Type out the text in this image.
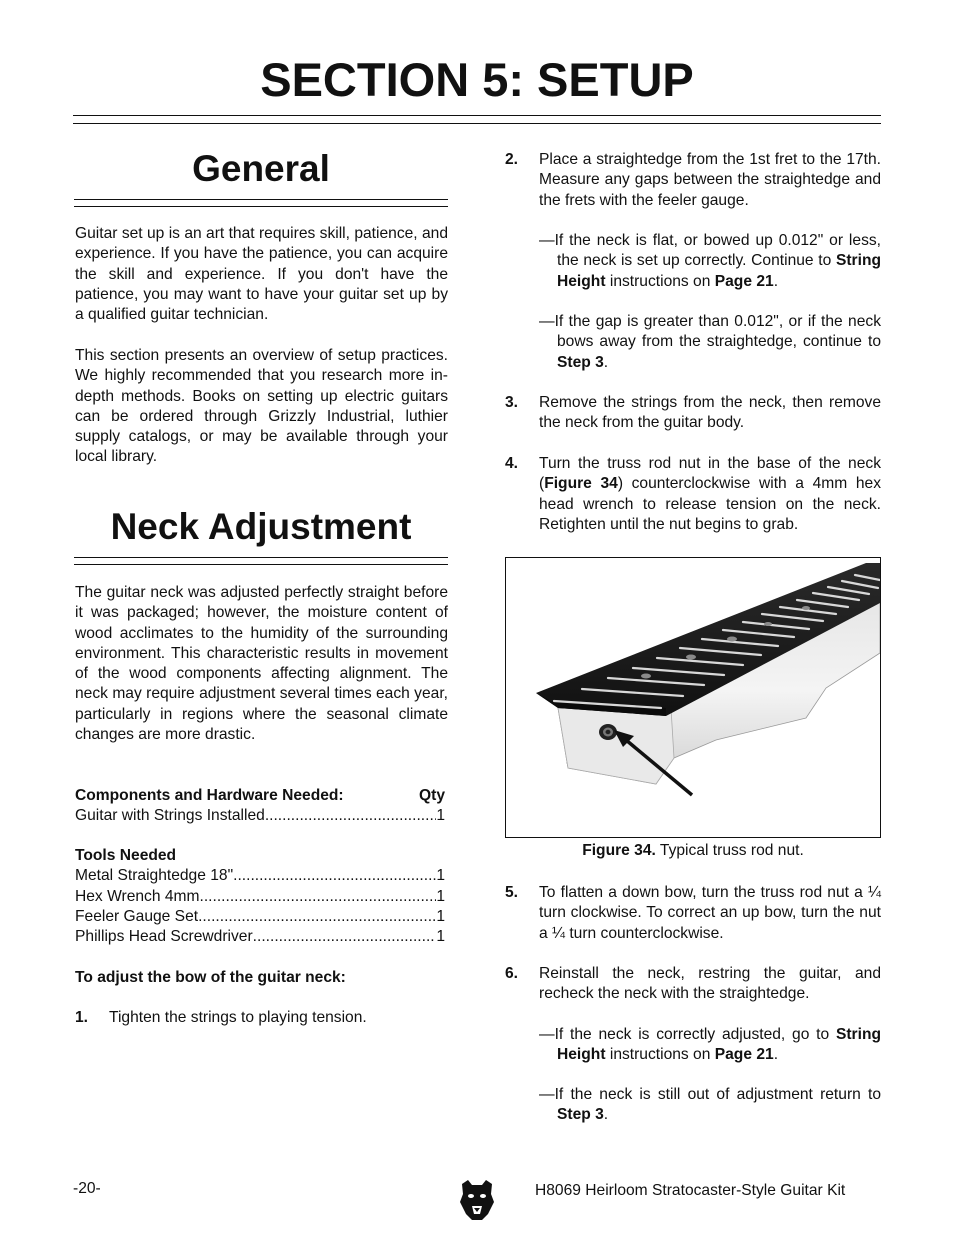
SECTION 5: SETUP
General
Guitar set up is an art that requires skill, patience, and experience. If you have the patience, you can acquire the skill and experience. If you don't have the patience, you may want to have your guitar set up by a qualified guitar technician.
This section presents an overview of setup practices. We highly recommended that you research more in-depth methods. Books on setting up electric guitars can be ordered through Grizzly Industrial, luthier supply catalogs, or may be available through your local library.
Neck Adjustment
The guitar neck was adjusted perfectly straight before it was packaged; however, the moisture content of wood acclimates to the humidity of the surrounding environment. This characteristic results in movement of the wood components affecting alignment. The neck may require adjustment several times each year, particularly in regions where the seasonal climate changes are more drastic.
Components and Hardware Needed:	Qty
Guitar with Strings Installed .....	1
Tools Needed
Metal Straightedge 18" .....	1
Hex Wrench 4mm .....	1
Feeler Gauge Set .....	1
Phillips Head Screwdriver .....	1
To adjust the bow of the guitar neck:
1. Tighten the strings to playing tension.
2. Place a straightedge from the 1st fret to the 17th. Measure any gaps between the straightedge and the frets with the feeler gauge.
—If the neck is flat, or bowed up 0.012" or less, the neck is set up correctly. Continue to String Height instructions on Page 21.
—If the gap is greater than 0.012", or if the neck bows away from the straightedge, continue to Step 3.
3. Remove the strings from the neck, then remove the neck from the guitar body.
4. Turn the truss rod nut in the base of the neck (Figure 34) counterclockwise with a 4mm hex head wrench to release tension on the neck. Retighten until the nut begins to grab.
Figure 34. Typical truss rod nut.
5. To flatten a down bow, turn the truss rod nut a ¼ turn clockwise. To correct an up bow, turn the nut a ¼ turn counterclockwise.
6. Reinstall the neck, restring the guitar, and recheck the neck with the straightedge.
—If the neck is correctly adjusted, go to String Height instructions on Page 21.
—If the neck is still out of adjustment return to Step 3.
-20-	H8069 Heirloom Stratocaster-Style Guitar Kit
